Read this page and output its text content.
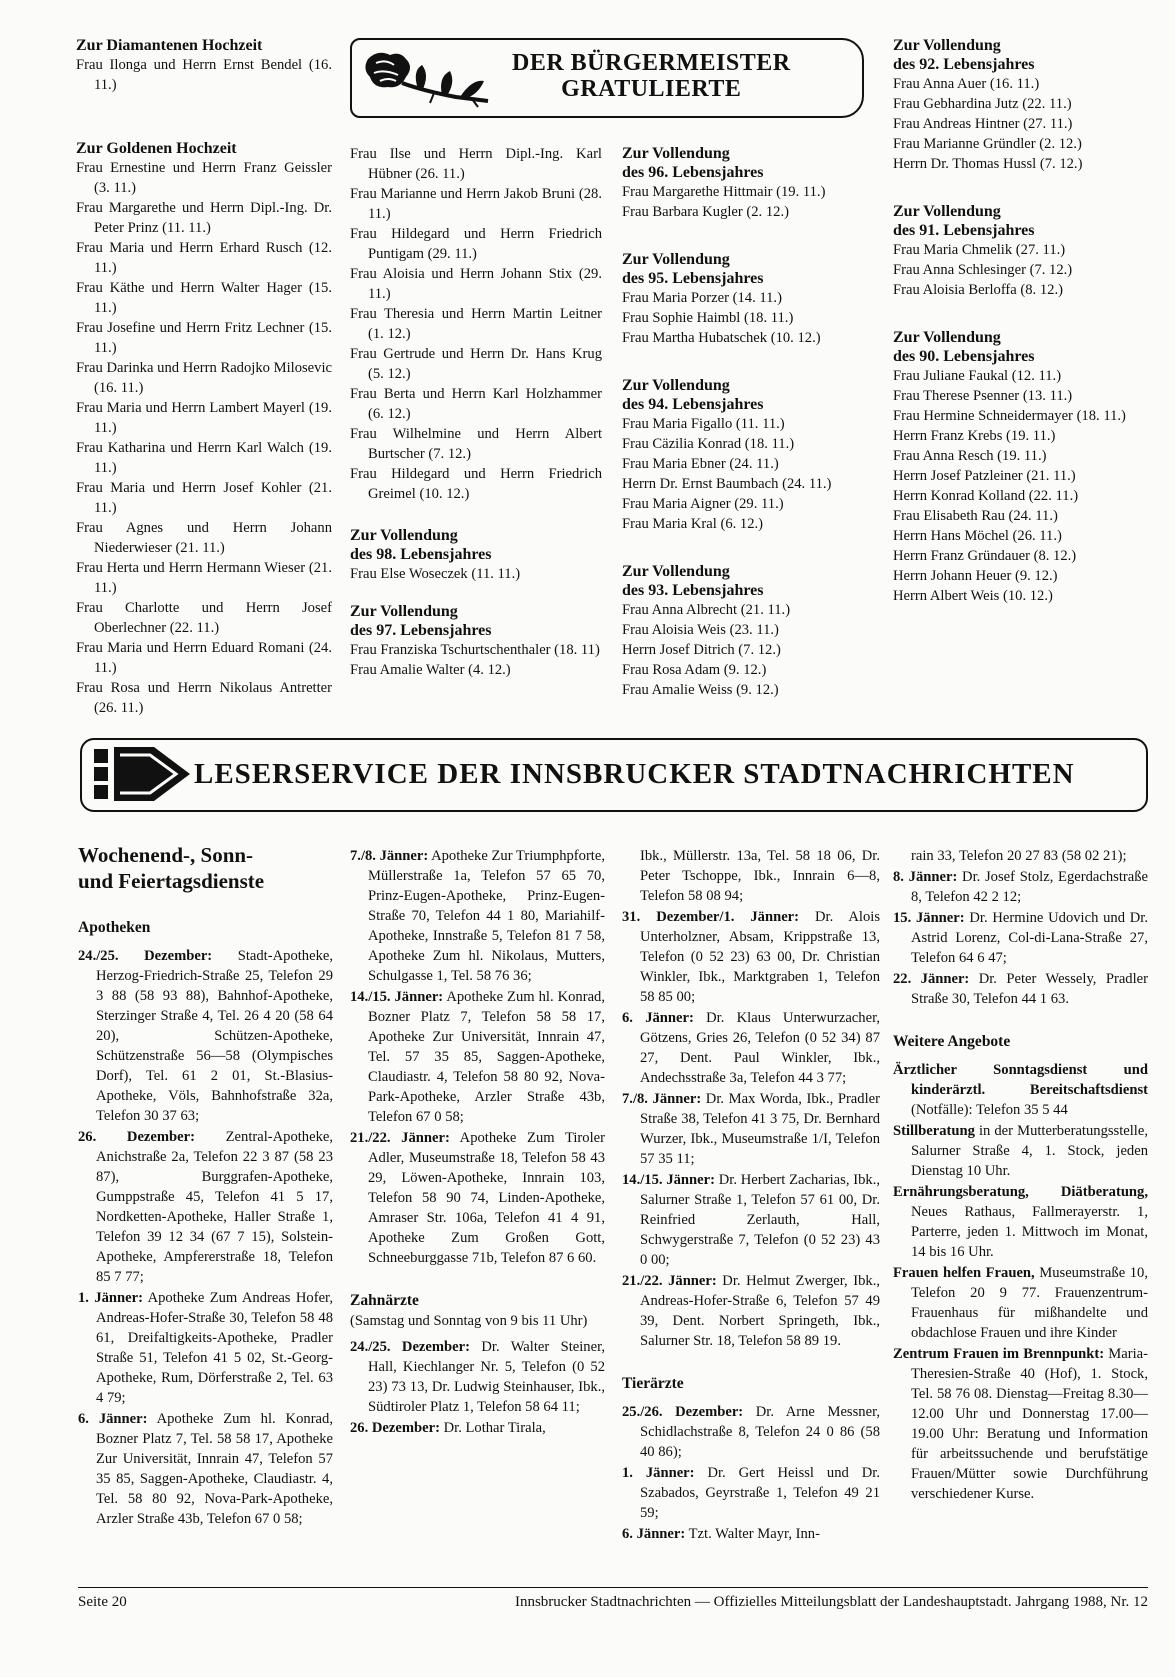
Zur Diamantenen Hochzeit
Frau Ilonga und Herrn Ernst Bendel (16. 11.)
Zur Goldenen Hochzeit
Frau Ernestine und Herrn Franz Geissler (3. 11.)
Frau Margarethe und Herrn Dipl.-Ing. Dr. Peter Prinz (11. 11.)
Frau Maria und Herrn Erhard Rusch (12. 11.)
Frau Käthe und Herrn Walter Hager (15. 11.)
Frau Josefine und Herrn Fritz Lechner (15. 11.)
Frau Darinka und Herrn Radojko Milosevic (16. 11.)
Frau Maria und Herrn Lambert Mayerl (19. 11.)
Frau Katharina und Herrn Karl Walch (19. 11.)
Frau Maria und Herrn Josef Kohler (21. 11.)
Frau Agnes und Herrn Johann Niederwieser (21. 11.)
Frau Herta und Herrn Hermann Wieser (21. 11.)
Frau Charlotte und Herrn Josef Oberlechner (22. 11.)
Frau Maria und Herrn Eduard Romani (24. 11.)
Frau Rosa und Herrn Nikolaus Antretter (26. 11.)
DER BÜRGERMEISTER
GRATULIERTE
Frau Ilse und Herrn Dipl.-Ing. Karl Hübner (26. 11.)
Frau Marianne und Herrn Jakob Bruni (28. 11.)
Frau Hildegard und Herrn Friedrich Puntigam (29. 11.)
Frau Aloisia und Herrn Johann Stix (29. 11.)
Frau Theresia und Herrn Martin Leitner (1. 12.)
Frau Gertrude und Herrn Dr. Hans Krug (5. 12.)
Frau Berta und Herrn Karl Holzhammer (6. 12.)
Frau Wilhelmine und Herrn Albert Burtscher (7. 12.)
Frau Hildegard und Herrn Friedrich Greimel (10. 12.)
Zur Vollendung
des 98. Lebensjahres
Frau Else Woseczek (11. 11.)
Zur Vollendung
des 97. Lebensjahres
Frau Franziska Tschurtschenthaler (18. 11)
Frau Amalie Walter (4. 12.)
Zur Vollendung
des 96. Lebensjahres
Frau Margarethe Hittmair (19. 11.)
Frau Barbara Kugler (2. 12.)
Zur Vollendung
des 95. Lebensjahres
Frau Maria Porzer (14. 11.)
Frau Sophie Haimbl (18. 11.)
Frau Martha Hubatschek (10. 12.)
Zur Vollendung
des 94. Lebensjahres
Frau Maria Figallo (11. 11.)
Frau Cäzilia Konrad (18. 11.)
Frau Maria Ebner (24. 11.)
Herrn Dr. Ernst Baumbach (24. 11.)
Frau Maria Aigner (29. 11.)
Frau Maria Kral (6. 12.)
Zur Vollendung
des 93. Lebensjahres
Frau Anna Albrecht (21. 11.)
Frau Aloisia Weis (23. 11.)
Herrn Josef Ditrich (7. 12.)
Frau Rosa Adam (9. 12.)
Frau Amalie Weiss (9. 12.)
Zur Vollendung
des 92. Lebensjahres
Frau Anna Auer (16. 11.)
Frau Gebhardina Jutz (22. 11.)
Frau Andreas Hintner (27. 11.)
Frau Marianne Gründler (2. 12.)
Herrn Dr. Thomas Hussl (7. 12.)
Zur Vollendung
des 91. Lebensjahres
Frau Maria Chmelik (27. 11.)
Frau Anna Schlesinger (7. 12.)
Frau Aloisia Berloffa (8. 12.)
Zur Vollendung
des 90. Lebensjahres
Frau Juliane Faukal (12. 11.)
Frau Therese Psenner (13. 11.)
Frau Hermine Schneidermayer (18. 11.)
Herrn Franz Krebs (19. 11.)
Frau Anna Resch (19. 11.)
Herrn Josef Patzleiner (21. 11.)
Herrn Konrad Kolland (22. 11.)
Frau Elisabeth Rau (24. 11.)
Herrn Hans Möchel (26. 11.)
Herrn Franz Gründauer (8. 12.)
Herrn Johann Heuer (9. 12.)
Herrn Albert Weis (10. 12.)
LESERSERVICE DER INNSBRUCKER STADTNACHRICHTEN
Wochenend-, Sonn-
und Feiertagsdienste
Apotheken
24./25. Dezember: Stadt-Apotheke, Herzog-Friedrich-Straße 25, Telefon 29 3 88 (58 93 88), Bahnhof-Apotheke, Sterzinger Straße 4, Tel. 26 4 20 (58 64 20), Schützen-Apotheke, Schützenstraße 56—58 (Olympisches Dorf), Tel. 61 2 01, St.-Blasius-Apotheke, Völs, Bahnhofstraße 32a, Telefon 30 37 63;
26. Dezember: Zentral-Apotheke, Anichstraße 2a, Telefon 22 3 87 (58 23 87), Burggrafen-Apotheke, Gumppstraße 45, Telefon 41 5 17, Nordketten-Apotheke, Haller Straße 1, Telefon 39 12 34 (67 7 15), Solstein-Apotheke, Ampfererstraße 18, Telefon 85 7 77;
1. Jänner: Apotheke Zum Andreas Hofer, Andreas-Hofer-Straße 30, Telefon 58 48 61, Dreifaltigkeits-Apotheke, Pradler Straße 51, Telefon 41 5 02, St.-Georg-Apotheke, Rum, Dörferstraße 2, Tel. 63 4 79;
6. Jänner: Apotheke Zum hl. Konrad, Bozner Platz 7, Tel. 58 58 17, Apotheke Zur Universität, Innrain 47, Telefon 57 35 85, Saggen-Apotheke, Claudiastr. 4, Tel. 58 80 92, Nova-Park-Apotheke, Arzler Straße 43b, Telefon 67 0 58;
7./8. Jänner: Apotheke Zur Triumphpforte, Müllerstraße 1a, Telefon 57 65 70, Prinz-Eugen-Apotheke, Prinz-Eugen-Straße 70, Telefon 44 1 80, Mariahilf-Apotheke, Innstraße 5, Telefon 81 7 58, Apotheke Zum hl. Nikolaus, Mutters, Schulgasse 1, Tel. 58 76 36;
14./15. Jänner: Apotheke Zum hl. Konrad, Bozner Platz 7, Telefon 58 58 17, Apotheke Zur Universität, Innrain 47, Tel. 57 35 85, Saggen-Apotheke, Claudiastr. 4, Telefon 58 80 92, Nova-Park-Apotheke, Arzler Straße 43b, Telefon 67 0 58;
21./22. Jänner: Apotheke Zum Tiroler Adler, Museumstraße 18, Telefon 58 43 29, Löwen-Apotheke, Innrain 103, Telefon 58 90 74, Linden-Apotheke, Amraser Str. 106a, Telefon 41 4 91, Apotheke Zum Großen Gott, Schneeburggasse 71b, Telefon 87 6 60.
Zahnärzte
(Samstag und Sonntag von 9 bis 11 Uhr)
24./25. Dezember: Dr. Walter Steiner, Hall, Kiechlanger Nr. 5, Telefon (0 52 23) 73 13, Dr. Ludwig Steinhauser, Ibk., Südtiroler Platz 1, Telefon 58 64 11;
26. Dezember: Dr. Lothar Tirala,
Ibk., Müllerstr. 13a, Tel. 58 18 06, Dr. Peter Tschoppe, Ibk., Innrain 6—8, Telefon 58 08 94;
31. Dezember/1. Jänner: Dr. Alois Unterholzner, Absam, Krippstraße 13, Telefon (0 52 23) 63 00, Dr. Christian Winkler, Ibk., Marktgraben 1, Telefon 58 85 00;
6. Jänner: Dr. Klaus Unterwurzacher, Götzens, Gries 26, Telefon (0 52 34) 87 27, Dent. Paul Winkler, Ibk., Andechsstraße 3a, Telefon 44 3 77;
7./8. Jänner: Dr. Max Worda, Ibk., Pradler Straße 38, Telefon 41 3 75, Dr. Bernhard Wurzer, Ibk., Museumstraße 1/I, Telefon 57 35 11;
14./15. Jänner: Dr. Herbert Zacharias, Ibk., Salurner Straße 1, Telefon 57 61 00, Dr. Reinfried Zerlauth, Hall, Schwygerstraße 7, Telefon (0 52 23) 43 0 00;
21./22. Jänner: Dr. Helmut Zwerger, Ibk., Andreas-Hofer-Straße 6, Telefon 57 49 39, Dent. Norbert Springeth, Ibk., Salurner Str. 18, Telefon 58 89 19.
Tierärzte
25./26. Dezember: Dr. Arne Messner, Schidlachstraße 8, Telefon 24 0 86 (58 40 86);
1. Jänner: Dr. Gert Heissl und Dr. Szabados, Geyrstraße 1, Telefon 49 21 59;
6. Jänner: Tzt. Walter Mayr, Inn-
rain 33, Telefon 20 27 83 (58 02 21);
8. Jänner: Dr. Josef Stolz, Egerdachstraße 8, Telefon 42 2 12;
15. Jänner: Dr. Hermine Udovich und Dr. Astrid Lorenz, Col-di-Lana-Straße 27, Telefon 64 6 47;
22. Jänner: Dr. Peter Wessely, Pradler Straße 30, Telefon 44 1 63.
Weitere Angebote
Ärztlicher Sonntagsdienst und kinderärztl. Bereitschaftsdienst (Notfälle): Telefon 35 5 44
Stillberatung in der Mutterberatungsstelle, Salurner Straße 4, 1. Stock, jeden Dienstag 10 Uhr.
Ernährungsberatung, Diätberatung, Neues Rathaus, Fallmerayerstr. 1, Parterre, jeden 1. Mittwoch im Monat, 14 bis 16 Uhr.
Frauen helfen Frauen, Museumstraße 10, Telefon 20 9 77. Frauenzentrum-Frauenhaus für mißhandelte und obdachlose Frauen und ihre Kinder
Zentrum Frauen im Brennpunkt: Maria-Theresien-Straße 40 (Hof), 1. Stock, Tel. 58 76 08. Dienstag—Freitag 8.30—12.00 Uhr und Donnerstag 17.00—19.00 Uhr: Beratung und Information für arbeitssuchende und berufstätige Frauen/Mütter sowie Durchführung verschiedener Kurse.
Seite 20	Innsbrucker Stadtnachrichten — Offizielles Mitteilungsblatt der Landeshauptstadt. Jahrgang 1988, Nr. 12
